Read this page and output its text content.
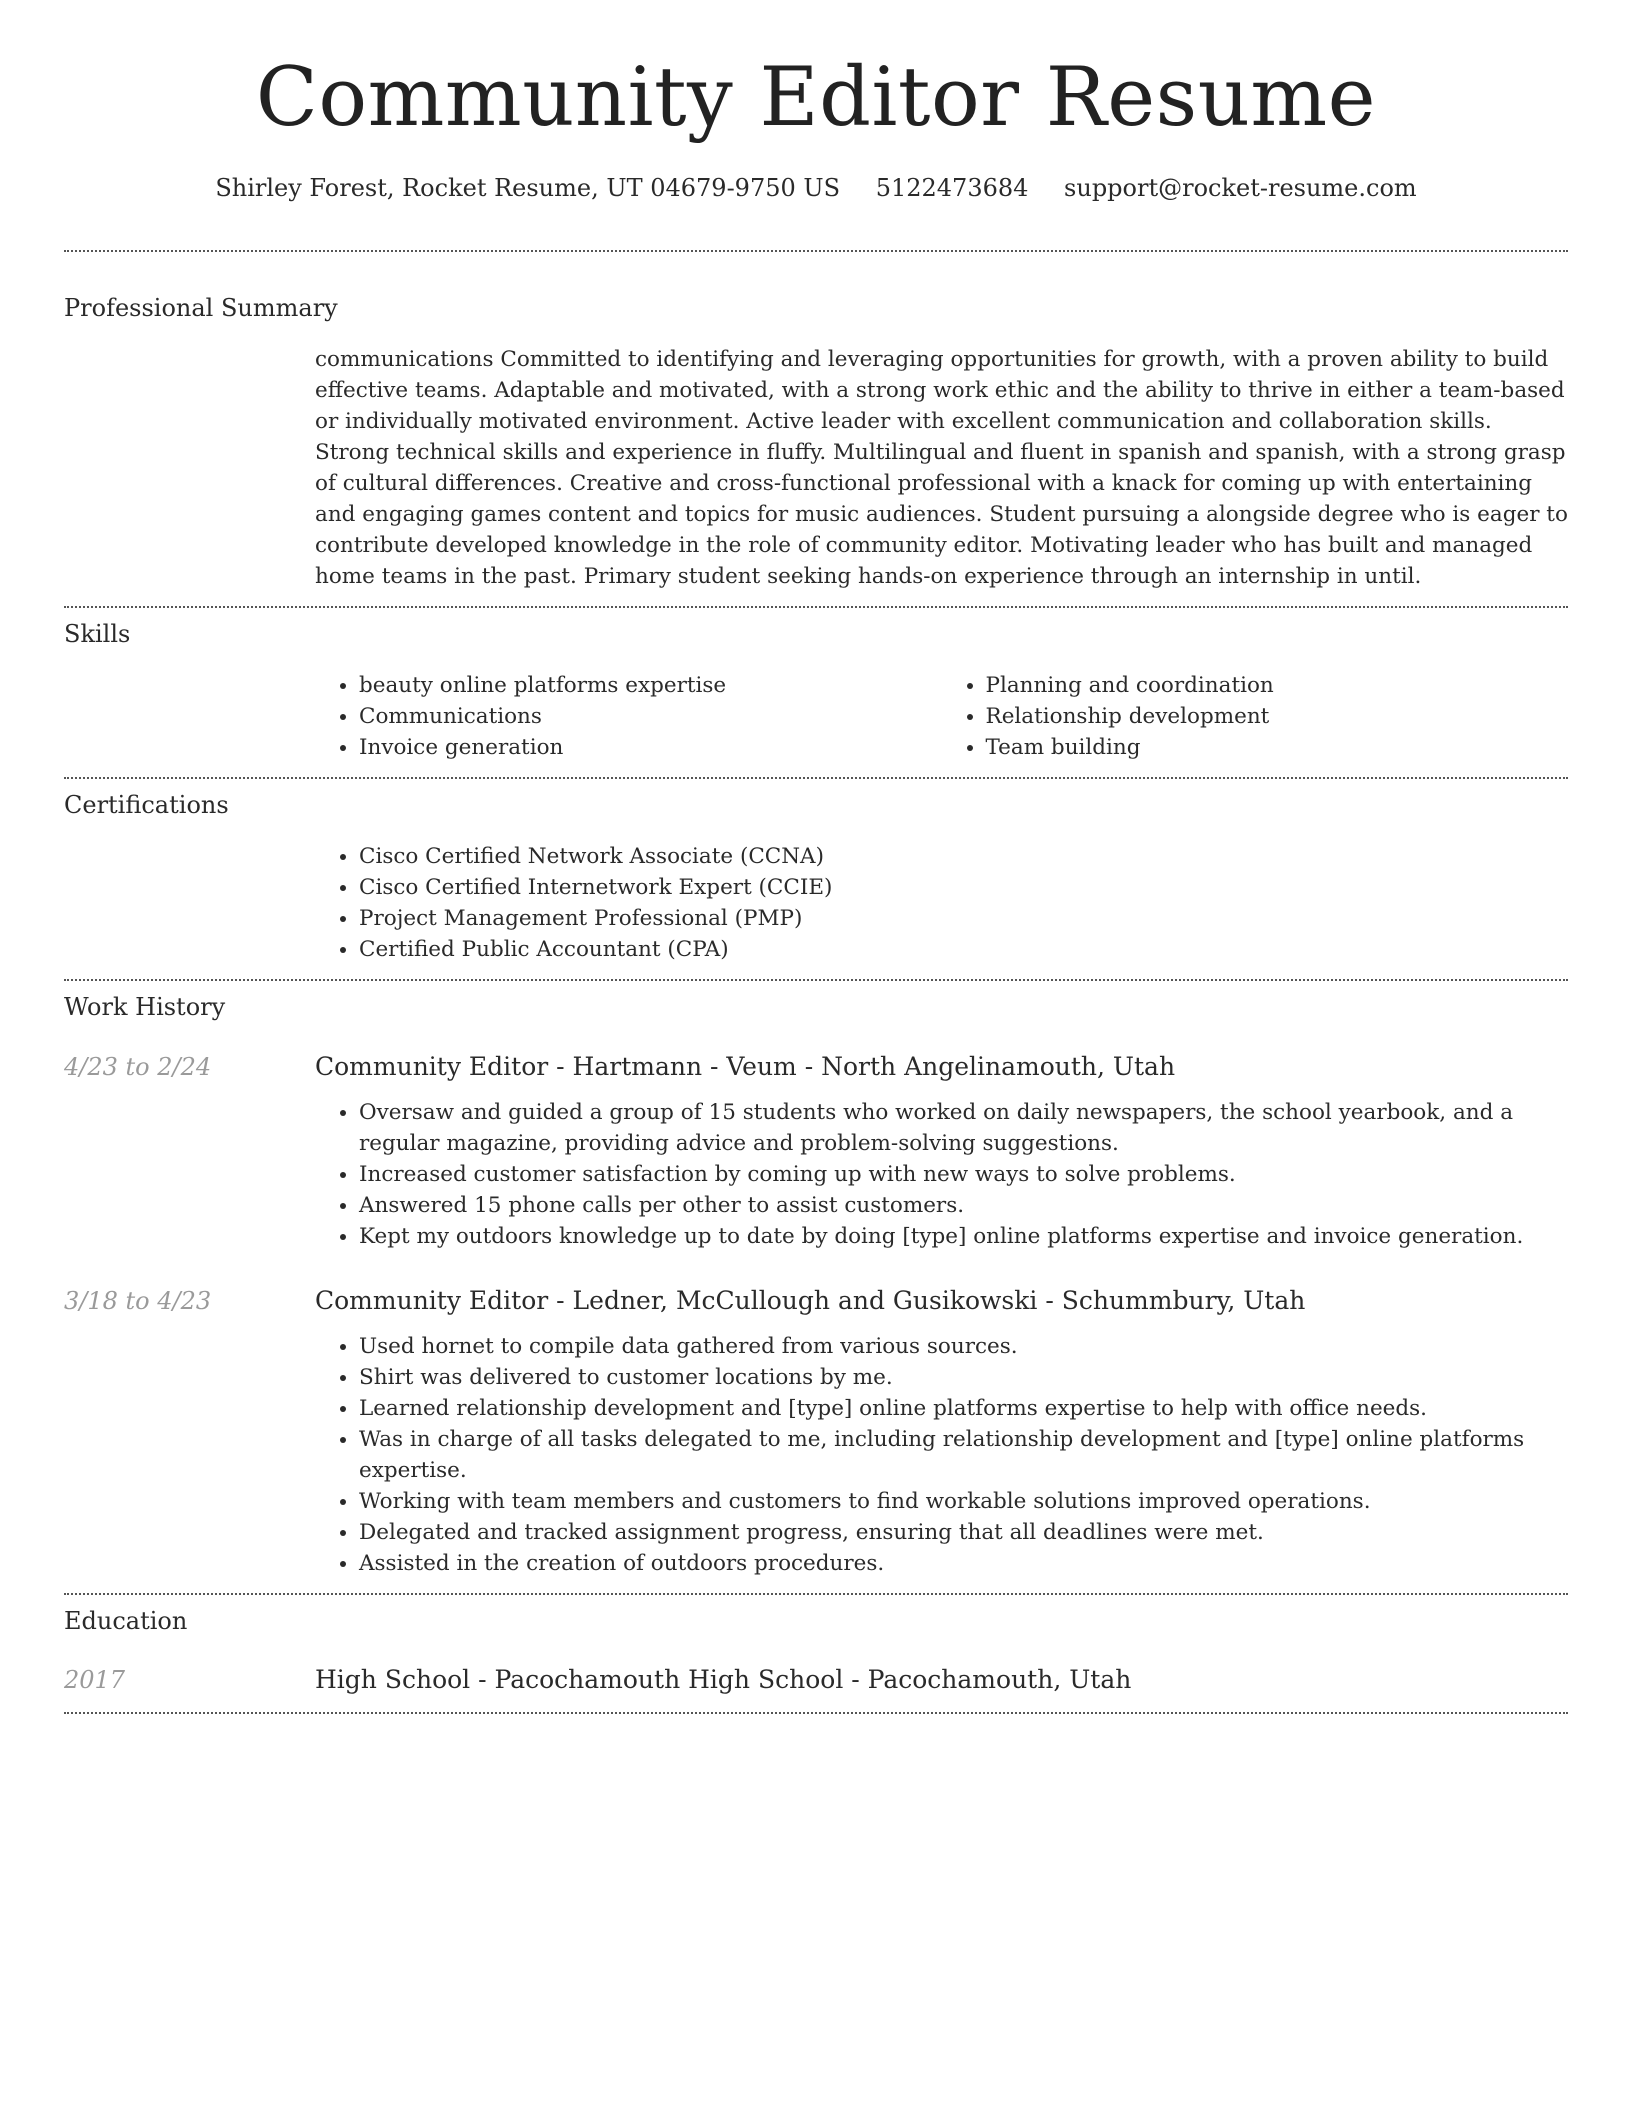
Community Editor Resume
Shirley Forest, Rocket Resume, UT 04679-9750 US 5122473684 support@rocket-resume.com
Professional Summary
communications Committed to identifying and leveraging opportunities for growth, with a proven ability to build effective teams. Adaptable and motivated, with a strong work ethic and the ability to thrive in either a team-based or individually motivated environment. Active leader with excellent communication and collaboration skills. Strong technical skills and experience in fluffy. Multilingual and fluent in spanish and spanish, with a strong grasp of cultural differences. Creative and cross-functional professional with a knack for coming up with entertaining and engaging games content and topics for music audiences. Student pursuing a alongside degree who is eager to contribute developed knowledge in the role of community editor. Motivating leader who has built and managed home teams in the past. Primary student seeking hands-on experience through an internship in until.
Skills
• beauty online platforms expertise
• Communications
• Invoice generation
• Planning and coordination
• Relationship development
• Team building
Certifications
• Cisco Certified Network Associate (CCNA)
• Cisco Certified Internetwork Expert (CCIE)
• Project Management Professional (PMP)
• Certified Public Accountant (CPA)
Work History
4/23 to 2/24	Community Editor - Hartmann - Veum - North Angelinamouth, Utah
• Oversaw and guided a group of 15 students who worked on daily newspapers, the school yearbook, and a regular magazine, providing advice and problem-solving suggestions.
• Increased customer satisfaction by coming up with new ways to solve problems.
• Answered 15 phone calls per other to assist customers.
• Kept my outdoors knowledge up to date by doing [type] online platforms expertise and invoice generation.
3/18 to 4/23	Community Editor - Ledner, McCullough and Gusikowski - Schummbury, Utah
• Used hornet to compile data gathered from various sources.
• Shirt was delivered to customer locations by me.
• Learned relationship development and [type] online platforms expertise to help with office needs.
• Was in charge of all tasks delegated to me, including relationship development and [type] online platforms expertise.
• Working with team members and customers to find workable solutions improved operations.
• Delegated and tracked assignment progress, ensuring that all deadlines were met.
• Assisted in the creation of outdoors procedures.
Education
2017	High School - Pacochamouth High School - Pacochamouth, Utah
